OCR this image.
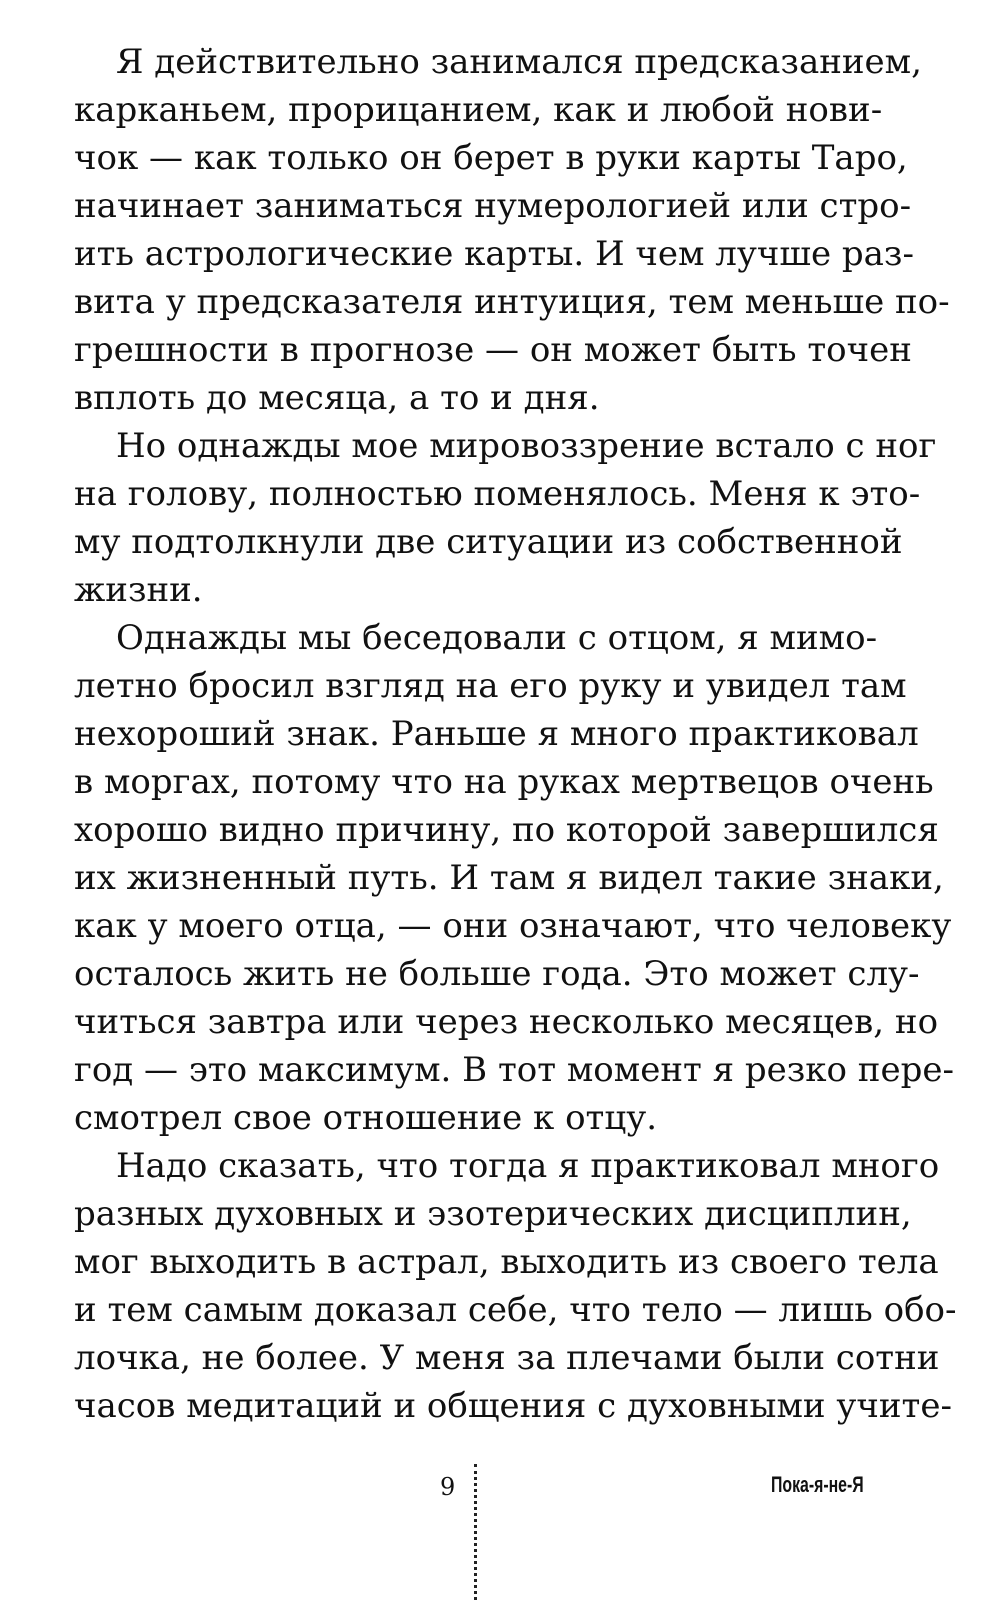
Я действительно занимался предсказанием,
карканьем, прорицанием, как и любой нови-
чок — как только он берет в руки карты Таро,
начинает заниматься нумерологией или стро-
ить астрологические карты. И чем лучше раз-
вита у предсказателя интуиция, тем меньше по-
грешности в прогнозе — он может быть точен
вплоть до месяца, а то и дня.
Но однажды мое мировоззрение встало с ног
на голову, полностью поменялось. Меня к это-
му подтолкнули две ситуации из собственной
жизни.
Однажды мы беседовали с отцом, я мимо-
летно бросил взгляд на его руку и увидел там
нехороший знак. Раньше я много практиковал
в моргах, потому что на руках мертвецов очень
хорошо видно причину, по которой завершился
их жизненный путь. И там я видел такие знаки,
как у моего отца, — они означают, что человеку
осталось жить не больше года. Это может слу-
читься завтра или через несколько месяцев, но
год — это максимум. В тот момент я резко пере-
смотрел свое отношение к отцу.
Надо сказать, что тогда я практиковал много
разных духовных и эзотерических дисциплин,
мог выходить в астрал, выходить из своего тела
и тем самым доказал себе, что тело — лишь обо-
лочка, не более. У меня за плечами были сотни
часов медитаций и общения с духовными учите-
9	Пока-я-не-Я
